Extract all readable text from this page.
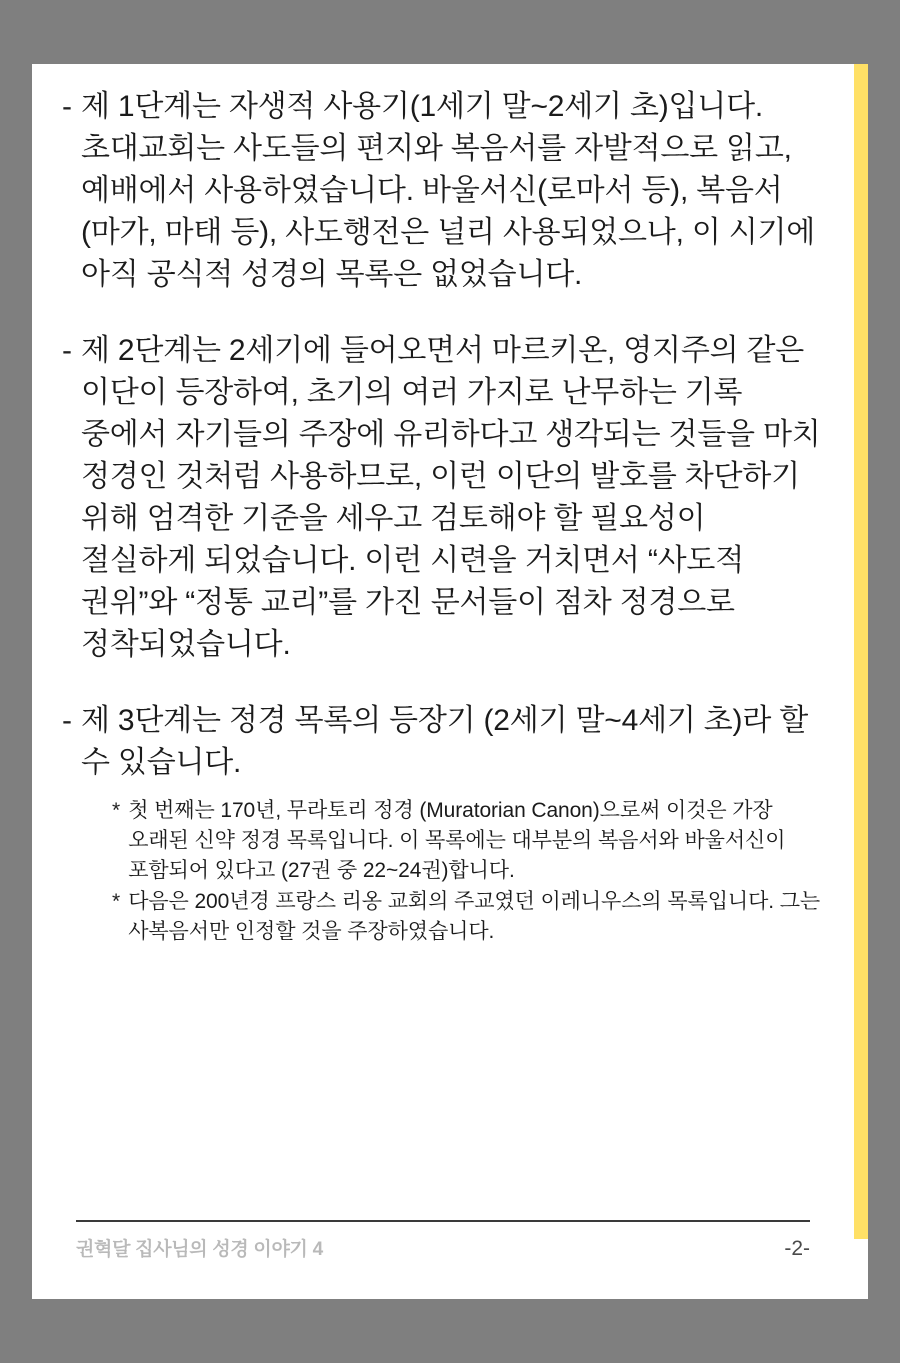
- 제 1단계는 자생적 사용기(1세기 말~2세기 초)입니다. 초대교회는 사도들의 편지와 복음서를 자발적으로 읽고, 예배에서 사용하였습니다. 바울서신(로마서 등), 복음서(마가, 마태 등), 사도행전은 널리 사용되었으나, 이 시기에 아직 공식적 성경의 목록은 없었습니다.
- 제 2단계는 2세기에 들어오면서 마르키온, 영지주의 같은 이단이 등장하여, 초기의 여러 가지로 난무하는 기록 중에서 자기들의 주장에 유리하다고 생각되는 것들을 마치 정경인 것처럼 사용하므로, 이런 이단의 발호를 차단하기 위해 엄격한 기준을 세우고 검토해야 할 필요성이 절실하게 되었습니다. 이런 시련을 거치면서 “사도적 권위”와 “정통 교리”를 가진 문서들이 점차 정경으로 정착되었습니다.
- 제 3단계는 정경 목록의 등장기 (2세기 말~4세기 초)라 할 수 있습니다.
* 첫 번째는 170년, 무라토리 정경 (Muratorian Canon)으로써 이것은 가장 오래된 신약 정경 목록입니다. 이 목록에는 대부분의 복음서와 바울서신이 포함되어 있다고 (27권 중 22~24권)합니다.
* 다음은 200년경 프랑스 리옹 교회의 주교였던 이레니우스의 목록입니다. 그는 사복음서만 인정할 것을 주장하였습니다.
권혁달 집사님의 성경 이야기 4	-2-
